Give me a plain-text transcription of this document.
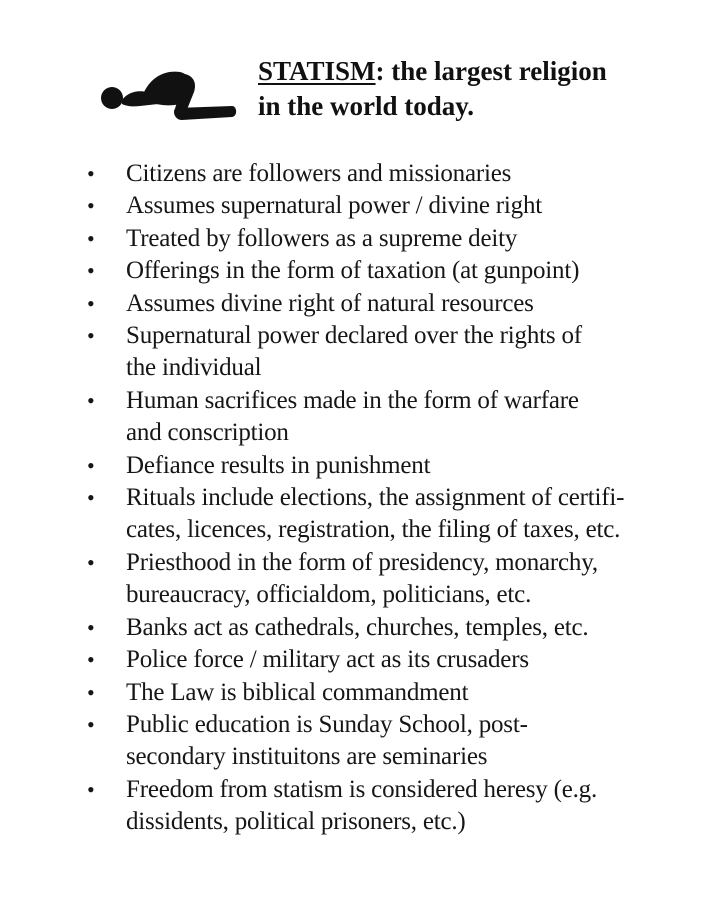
STATISM: the largest religion
in the world today.
•	Citizens are followers and missionaries
•	Assumes supernatural power / divine right
•	Treated by followers as a supreme deity
•	Offerings in the form of taxation (at gunpoint)
•	Assumes divine right of natural resources
•	Supernatural power declared over the rights of
the individual
•	Human sacrifices made in the form of warfare
and conscription
•	Defiance results in punishment
•	Rituals include elections, the assignment of certifi-
cates, licences, registration, the filing of taxes, etc.
•	Priesthood in the form of presidency, monarchy,
bureaucracy, officialdom, politicians, etc.
•	Banks act as cathedrals, churches, temples, etc.
•	Police force / military act as its crusaders
•	The Law is biblical commandment
•	Public education is Sunday School, post-
secondary instituitons are seminaries
•	Freedom from statism is considered heresy (e.g.
dissidents, political prisoners, etc.)
